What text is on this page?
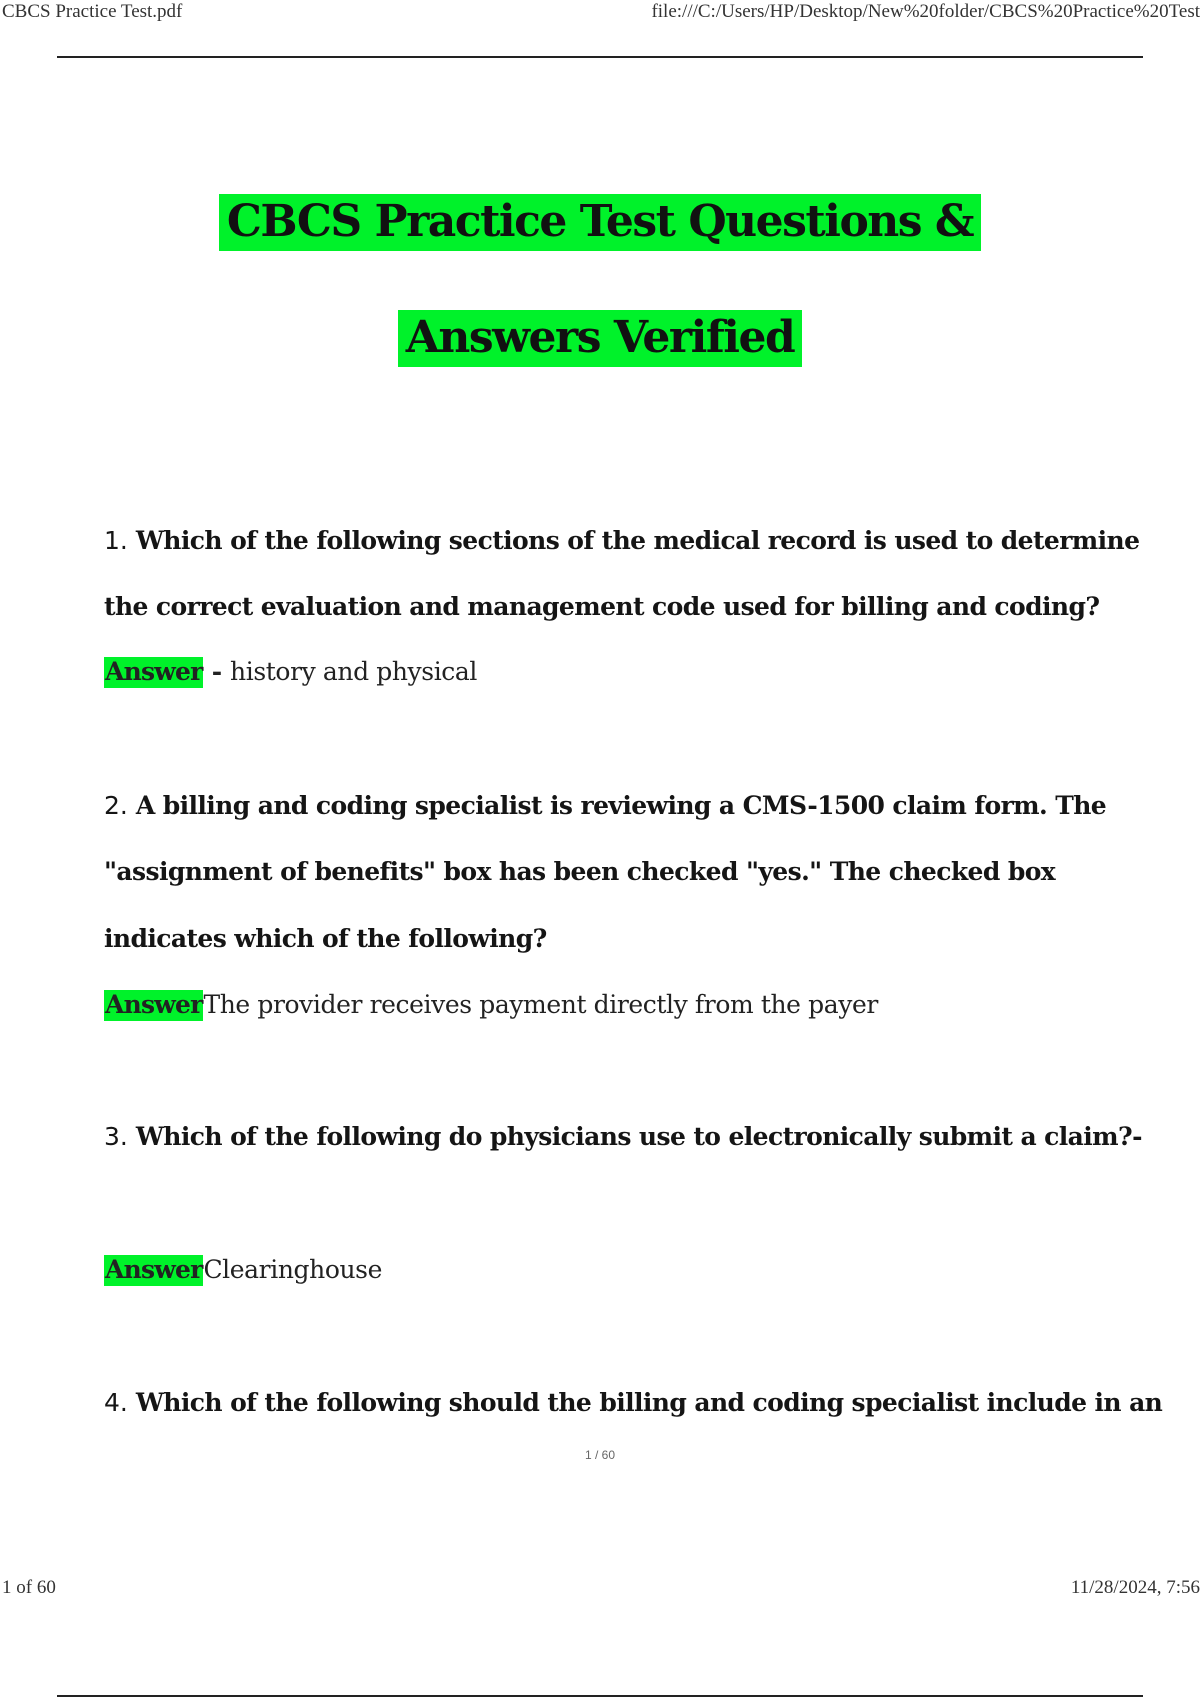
CBCS Practice Test.pdf	file:///C:/Users/HP/Desktop/New%20folder/CBCS%20Practice%20Test
CBCS Practice Test Questions &
Answers Verified
1. Which of the following sections of the medical record is used to determine
the correct evaluation and management code used for billing and coding?
Answer - history and physical
2. A billing and coding specialist is reviewing a CMS-1500 claim form. The
"assignment of benefits" box has been checked "yes." The checked box
indicates which of the following?
AnswerThe provider receives payment directly from the payer
3. Which of the following do physicians use to electronically submit a claim?-
AnswerClearinghouse
4. Which of the following should the billing and coding specialist include in an
1 / 60
1 of 60	11/28/2024, 7:56
